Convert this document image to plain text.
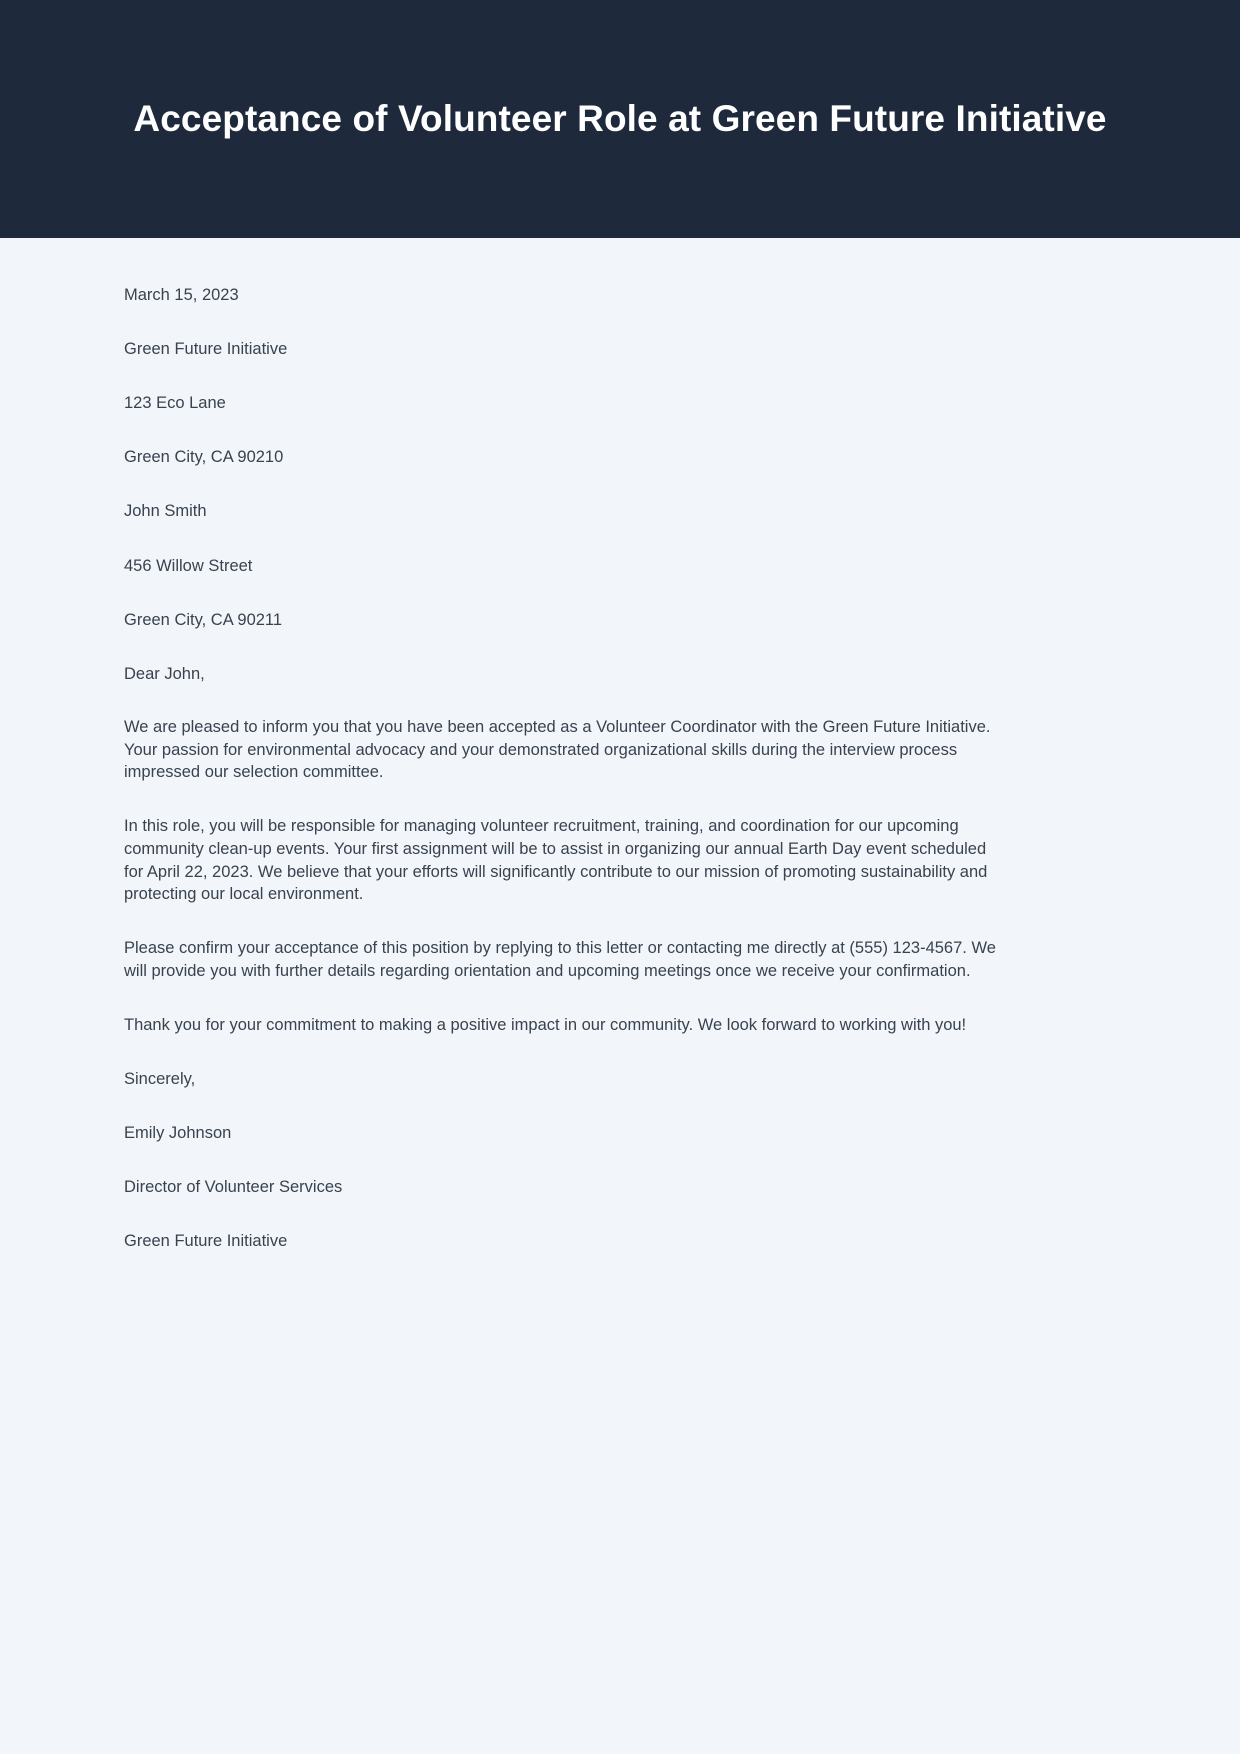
Acceptance of Volunteer Role at Green Future Initiative

March 15, 2023

Green Future Initiative

123 Eco Lane

Green City, CA 90210

John Smith

456 Willow Street

Green City, CA 90211

Dear John,

We are pleased to inform you that you have been accepted as a Volunteer Coordinator with the Green Future Initiative. Your passion for environmental advocacy and your demonstrated organizational skills during the interview process impressed our selection committee.

In this role, you will be responsible for managing volunteer recruitment, training, and coordination for our upcoming community clean-up events. Your first assignment will be to assist in organizing our annual Earth Day event scheduled for April 22, 2023. We believe that your efforts will significantly contribute to our mission of promoting sustainability and protecting our local environment.

Please confirm your acceptance of this position by replying to this letter or contacting me directly at (555) 123-4567. We will provide you with further details regarding orientation and upcoming meetings once we receive your confirmation.

Thank you for your commitment to making a positive impact in our community. We look forward to working with you!

Sincerely,

Emily Johnson

Director of Volunteer Services

Green Future Initiative
